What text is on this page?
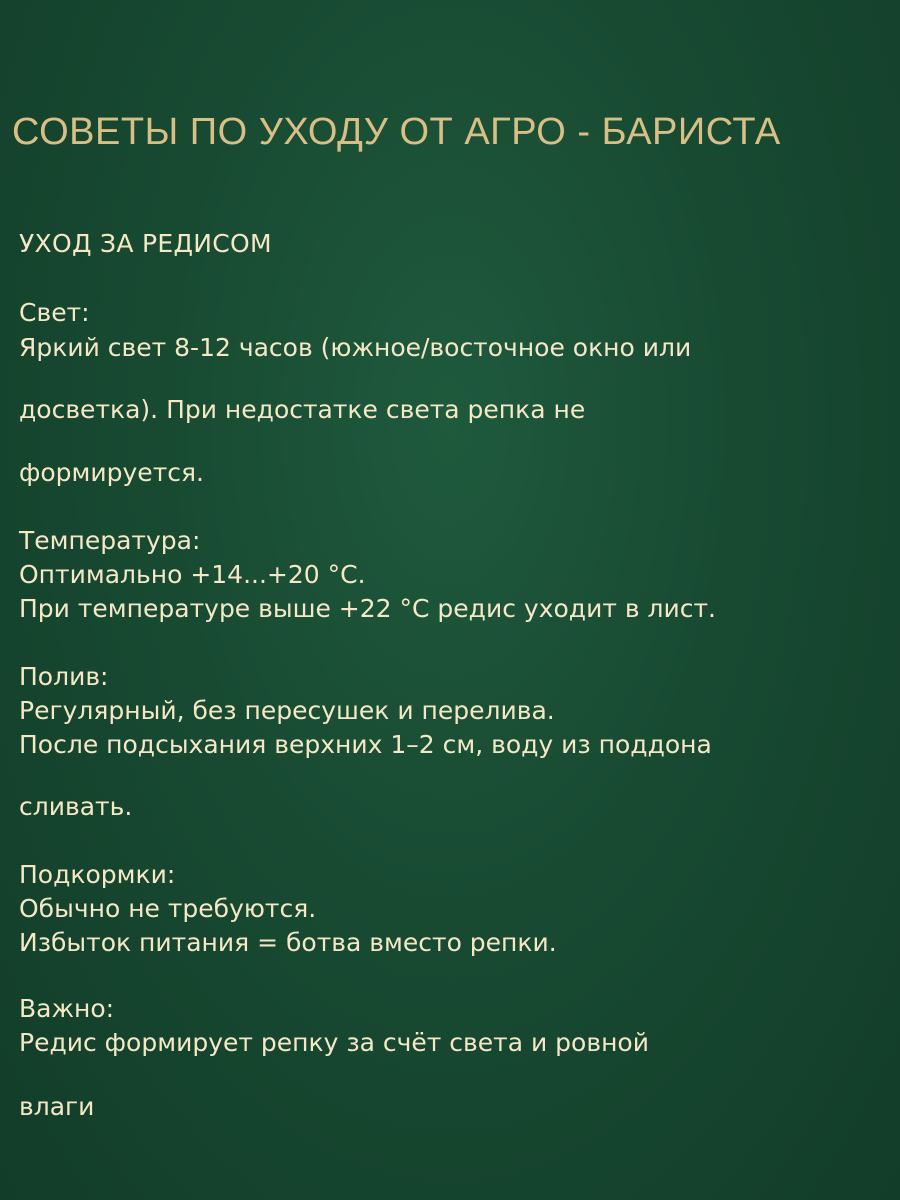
СОВЕТЫ ПО УХОДУ ОТ АГРО - БАРИСТА
УХОД ЗА РЕДИСОМ
Свет:
Яркий свет 8-12 часов (южное/восточное окно или
досветка). При недостатке света репка не
формируется.
Температура:
Оптимально +14...+20 °C.
При температуре выше +22 °C редис уходит в лист.
Полив:
Регулярный, без пересушек и перелива.
После подсыхания верхних 1–2 см, воду из поддона
сливать.
Подкормки:
Обычно не требуются.
Избыток питания = ботва вместо репки.
Важно:
Редис формирует репку за счёт света и ровной
влаги
